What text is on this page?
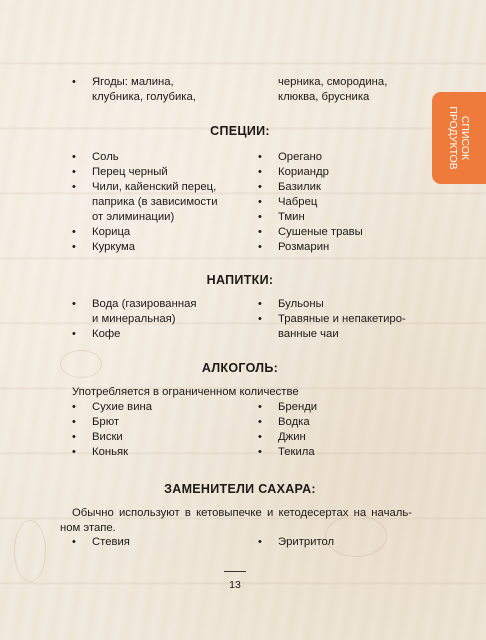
СПИСОК
ПРОДУКТОВ
• Ягоды: малина,
клубника, голубика,
черника, смородина,
клюква, брусника
СПЕЦИИ:
• Соль
• Перец черный
• Чили, кайенский перец,
паприка (в зависимости
от элиминации)
• Корица
• Куркума
• Орегано
• Кориандр
• Базилик
• Чабрец
• Тмин
• Сушеные травы
• Розмарин
НАПИТКИ:
• Вода (газированная
и минеральная)
• Кофе
• Бульоны
• Травяные и непакетиро-
ванные чаи
АЛКОГОЛЬ:
Употребляется в ограниченном количестве
• Сухие вина
• Брют
• Виски
• Коньяк
• Бренди
• Водка
• Джин
• Текила
ЗАМЕНИТЕЛИ САХАРА:
Обычно используют в кетовыпечке и кетодесертах на началь-
ном этапе.
• Стевия	• Эритритол
13
